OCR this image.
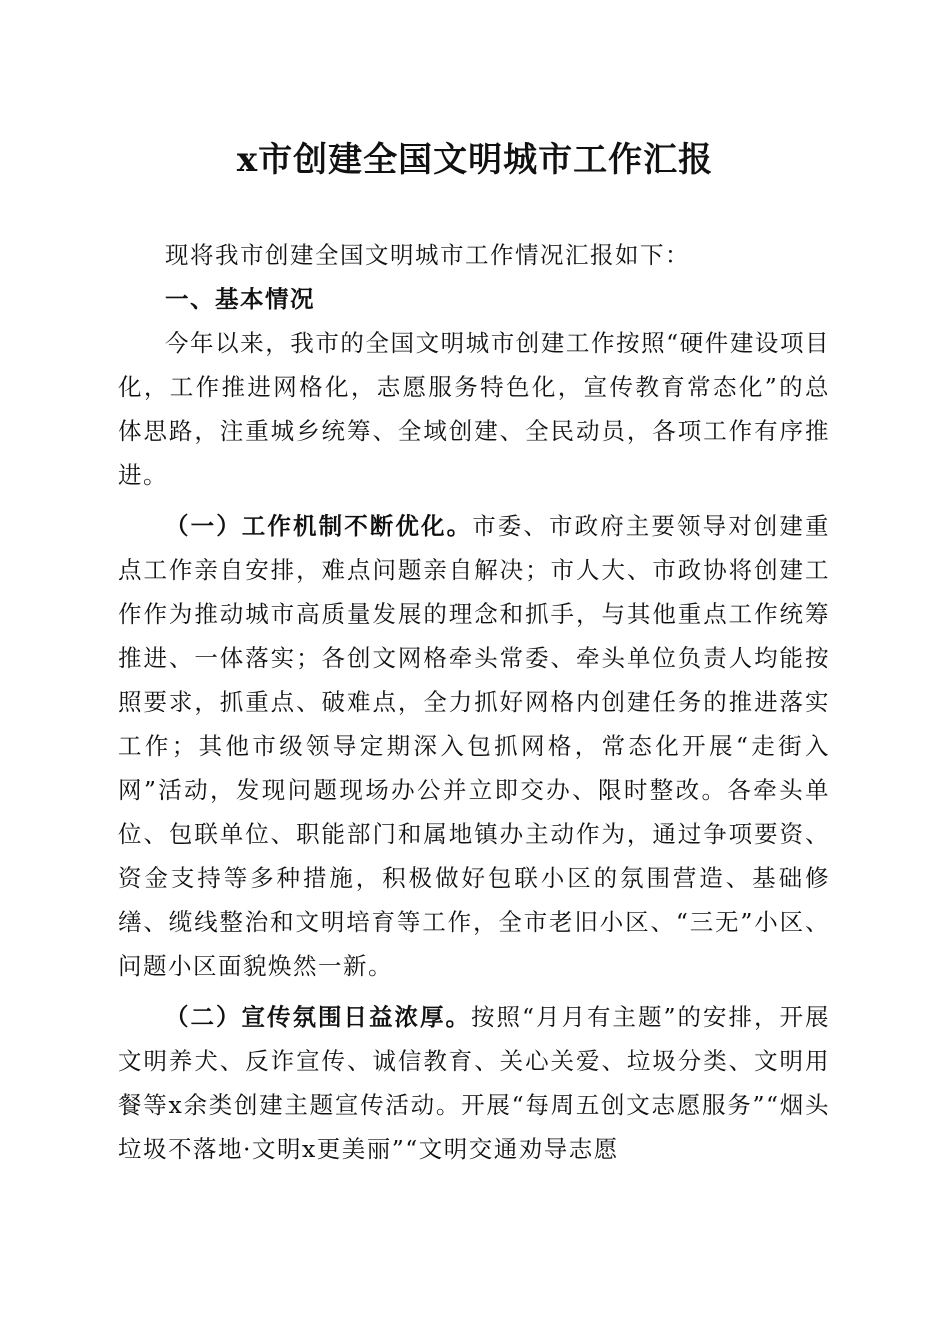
x市创建全国文明城市工作汇报

现将我市创建全国文明城市工作情况汇报如下：

一、基本情况

今年以来，我市的全国文明城市创建工作按照“硬件建设项目化，工作推进网格化，志愿服务特色化，宣传教育常态化”的总体思路，注重城乡统筹、全域创建、全民动员，各项工作有序推进。

（一）工作机制不断优化。市委、市政府主要领导对创建重点工作亲自安排，难点问题亲自解决；市人大、市政协将创建工作作为推动城市高质量发展的理念和抓手，与其他重点工作统筹推进、一体落实；各创文网格牵头常委、牵头单位负责人均能按照要求，抓重点、破难点，全力抓好网格内创建任务的推进落实工作；其他市级领导定期深入包抓网格，常态化开展“走街入网”活动，发现问题现场办公并立即交办、限时整改。各牵头单位、包联单位、职能部门和属地镇办主动作为，通过争项要资、资金支持等多种措施，积极做好包联小区的氛围营造、基础修缮、缆线整治和文明培育等工作，全市老旧小区、“三无”小区、问题小区面貌焕然一新。

（二）宣传氛围日益浓厚。按照“月月有主题”的安排，开展文明养犬、反诈宣传、诚信教育、关心关爱、垃圾分类、文明用餐等x余类创建主题宣传活动。开展“每周五创文志愿服务”“烟头垃圾不落地·文明x更美丽”“文明交通劝导志愿
